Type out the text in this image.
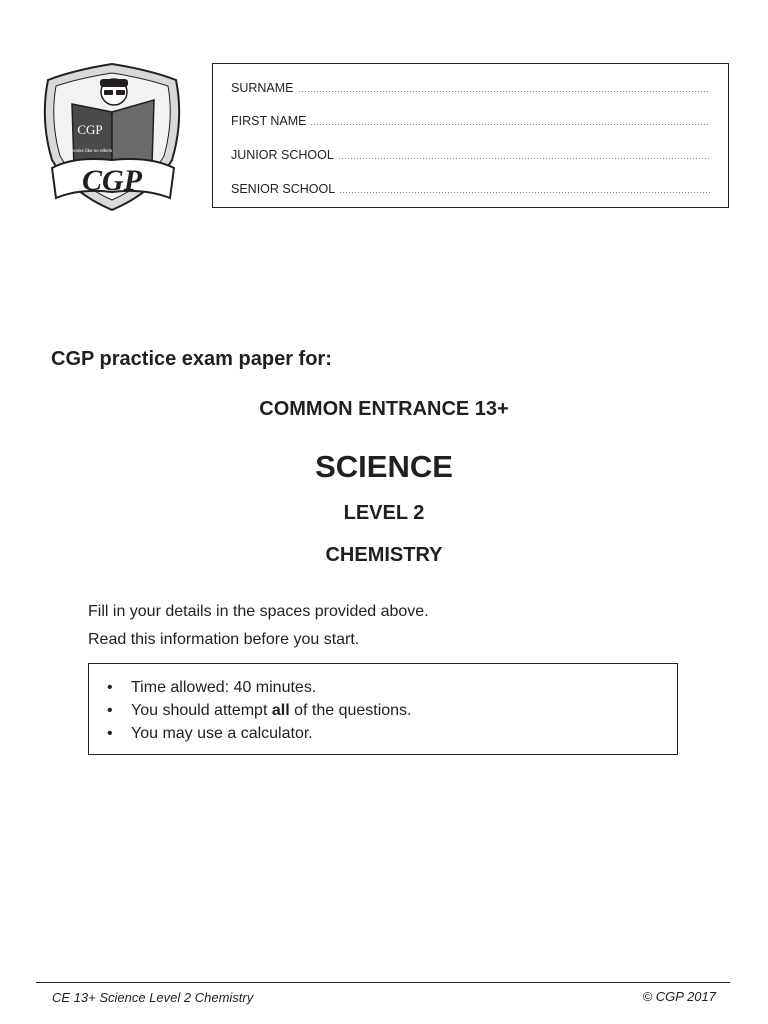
CGP
books like no others
CGP
SURNAME
FIRST NAME
JUNIOR SCHOOL
SENIOR SCHOOL
CGP practice exam paper for:
COMMON ENTRANCE 13+
SCIENCE
LEVEL 2
CHEMISTRY
Fill in your details in the spaces provided above.
Read this information before you start.
•	Time allowed: 40 minutes.
•	You should attempt all of the questions.
•	You may use a calculator.
CE 13+ Science Level 2 Chemistry	© CGP 2017
